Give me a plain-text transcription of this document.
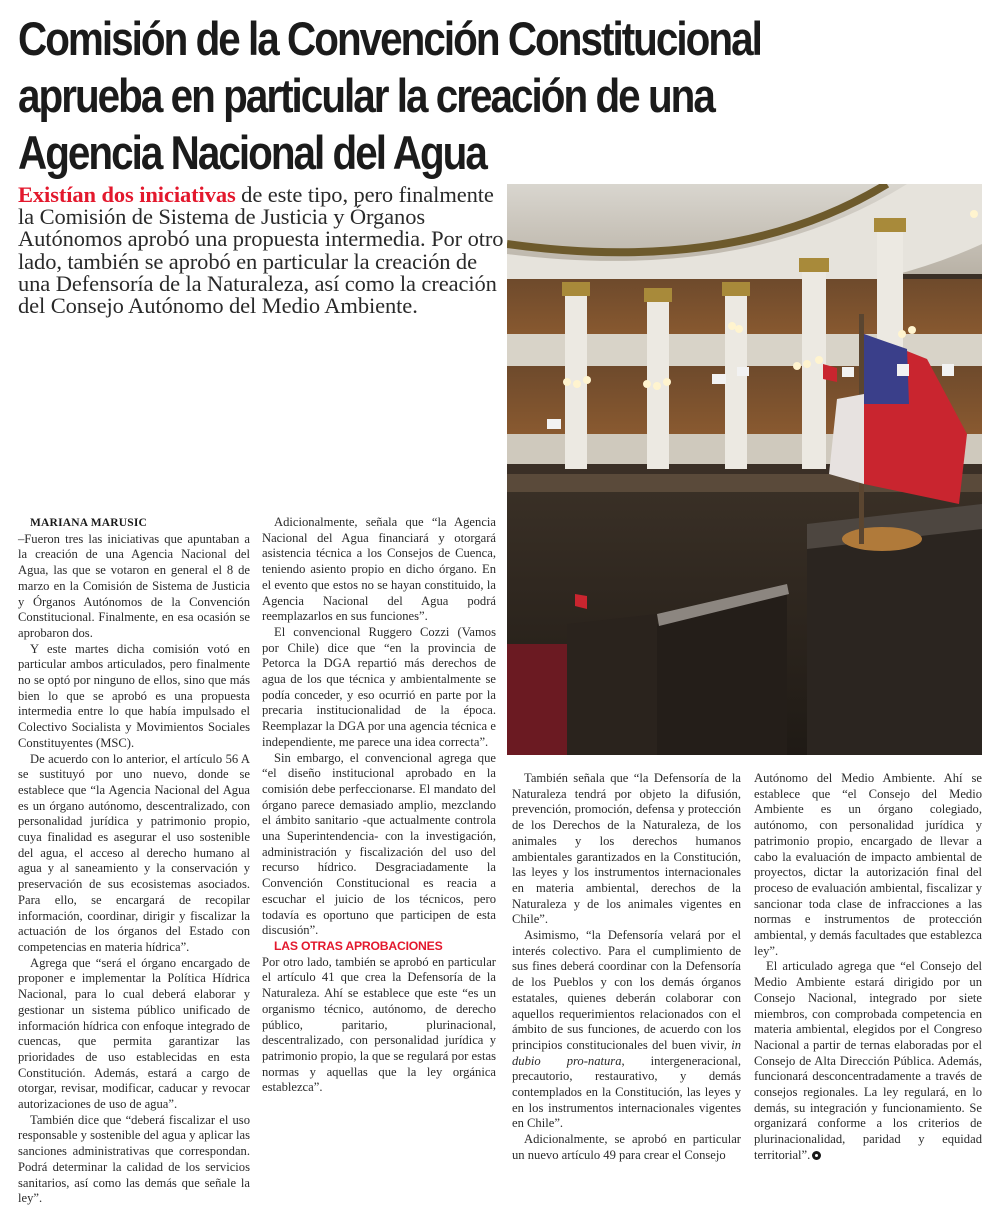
Comisión de la Convención Constitucional
aprueba en particular la creación de una
Agencia Nacional del Agua
Existían dos iniciativas de este tipo, pero finalmente la Comisión de Sistema de Justicia y Órganos Autónomos aprobó una propuesta intermedia. Por otro lado, también se aprobó en particular la creación de una Defensoría de la Naturaleza, así como la creación del Consejo Autónomo del Medio Ambiente.

MARIANA MARUSIC

–Fueron tres las iniciativas que apuntaban a la creación de una Agencia Nacional del Agua, las que se votaron en general el 8 de marzo en la Comisión de Sistema de Justicia y Órganos Autónomos de la Convención Constitucional. Finalmente, en esa ocasión se aprobaron dos.

Y este martes dicha comisión votó en particular ambos articulados, pero finalmente no se optó por ninguno de ellos, sino que más bien lo que se aprobó es una propuesta intermedia entre lo que había impulsado el Colectivo Socialista y Movimientos Sociales Constituyentes (MSC).

De acuerdo con lo anterior, el artículo 56 A se sustituyó por uno nuevo, donde se establece que “la Agencia Nacional del Agua es un órgano autónomo, descentralizado, con personalidad jurídica y patrimonio propio, cuya finalidad es asegurar el uso sostenible del agua, el acceso al derecho humano al agua y al saneamiento y la conservación y preservación de sus ecosistemas asociados. Para ello, se encargará de recopilar información, coordinar, dirigir y fiscalizar la actuación de los órganos del Estado con competencias en materia hídrica”.

Agrega que “será el órgano encargado de proponer e implementar la Política Hídrica Nacional, para lo cual deberá elaborar y gestionar un sistema público unificado de información hídrica con enfoque integrado de cuencas, que permita garantizar las prioridades de uso establecidas en esta Constitución. Además, estará a cargo de otorgar, revisar, modificar, caducar y revocar autorizaciones de uso de agua”.

También dice que “deberá fiscalizar el uso responsable y sostenible del agua y aplicar las sanciones administrativas que correspondan. Podrá determinar la calidad de los servicios sanitarios, así como las demás que señale la ley”.

Adicionalmente, señala que “la Agencia Nacional del Agua financiará y otorgará asistencia técnica a los Consejos de Cuenca, teniendo asiento propio en dicho órgano. En el evento que estos no se hayan constituido, la Agencia Nacional del Agua podrá reemplazarlos en sus funciones”.

El convencional Ruggero Cozzi (Vamos por Chile) dice que “en la provincia de Petorca la DGA repartió más derechos de agua de los que técnica y ambientalmente se podía conceder, y eso ocurrió en parte por la precaria institucionalidad de la época. Reemplazar la DGA por una agencia técnica e independiente, me parece una idea correcta”.

Sin embargo, el convencional agrega que “el diseño institucional aprobado en la comisión debe perfeccionarse. El mandato del órgano parece demasiado amplio, mezclando el ámbito sanitario -que actualmente controla una Superintendencia- con la investigación, administración y fiscalización del uso del recurso hídrico. Desgraciadamente la Convención Constitucional es reacia a escuchar el juicio de los técnicos, pero todavía es oportuno que participen de esta discusión”.

LAS OTRAS APROBACIONES

Por otro lado, también se aprobó en particular el artículo 41 que crea la Defensoría de la Naturaleza. Ahí se establece que este “es un organismo técnico, autónomo, de derecho público, paritario, plurinacional, descentralizado, con personalidad jurídica y patrimonio propio, la que se regulará por estas normas y aquellas que la ley orgánica establezca”.

También señala que “la Defensoría de la Naturaleza tendrá por objeto la difusión, prevención, promoción, defensa y protección de los Derechos de la Naturaleza, de los animales y los derechos humanos ambientales garantizados en la Constitución, las leyes y los instrumentos internacionales en materia ambiental, derechos de la Naturaleza y de los animales vigentes en Chile”.

Asimismo, “la Defensoría velará por el interés colectivo. Para el cumplimiento de sus fines deberá coordinar con la Defensoría de los Pueblos y con los demás órganos estatales, quienes deberán colaborar con aquellos requerimientos relacionados con el ámbito de sus funciones, de acuerdo con los principios constitucionales del buen vivir, in dubio pro-natura, intergeneracional, precautorio, restaurativo, y demás contemplados en la Constitución, las leyes y en los instrumentos internacionales vigentes en Chile”.

Adicionalmente, se aprobó en particular un nuevo artículo 49 para crear el Consejo

Autónomo del Medio Ambiente. Ahí se establece que “el Consejo del Medio Ambiente es un órgano colegiado, autónomo, con personalidad jurídica y patrimonio propio, encargado de llevar a cabo la evaluación de impacto ambiental de proyectos, dictar la autorización final del proceso de evaluación ambiental, fiscalizar y sancionar toda clase de infracciones a las normas e instrumentos de protección ambiental, y demás facultades que establezca ley”.

El articulado agrega que “el Consejo del Medio Ambiente estará dirigido por un Consejo Nacional, integrado por siete miembros, con comprobada competencia en materia ambiental, elegidos por el Congreso Nacional a partir de ternas elaboradas por el Consejo de Alta Dirección Pública. Además, funcionará desconcentradamente a través de consejos regionales. La ley regulará, en lo demás, su integración y funcionamiento. Se organizará conforme a los criterios de plurinacionalidad, paridad y equidad territorial”.
